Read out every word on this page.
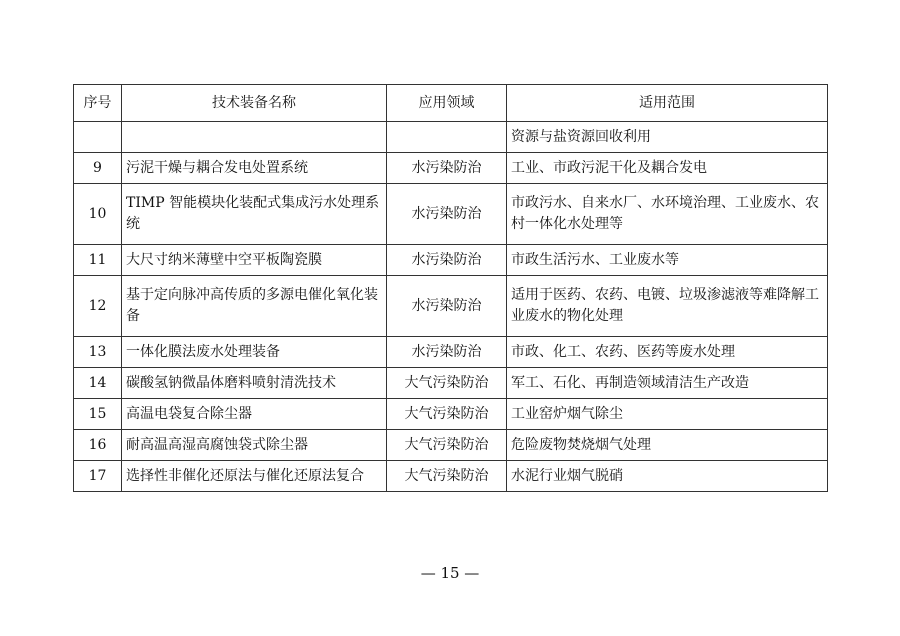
序号	技术装备名称	应用领域	适用范围
			资源与盐资源回收利用
9	污泥干燥与耦合发电处置系统	水污染防治	工业、市政污泥干化及耦合发电
10	TIMP 智能模块化装配式集成污水处理系统	水污染防治	市政污水、自来水厂、水环境治理、工业废水、农村一体化水处理等
11	大尺寸纳米薄壁中空平板陶瓷膜	水污染防治	市政生活污水、工业废水等
12	基于定向脉冲高传质的多源电催化氧化装备	水污染防治	适用于医药、农药、电镀、垃圾渗滤液等难降解工业废水的物化处理
13	一体化膜法废水处理装备	水污染防治	市政、化工、农药、医药等废水处理
14	碳酸氢钠微晶体磨料喷射清洗技术	大气污染防治	军工、石化、再制造领域清洁生产改造
15	高温电袋复合除尘器	大气污染防治	工业窑炉烟气除尘
16	耐高温高湿高腐蚀袋式除尘器	大气污染防治	危险废物焚烧烟气处理
17	选择性非催化还原法与催化还原法复合	大气污染防治	水泥行业烟气脱硝
— 15 —
